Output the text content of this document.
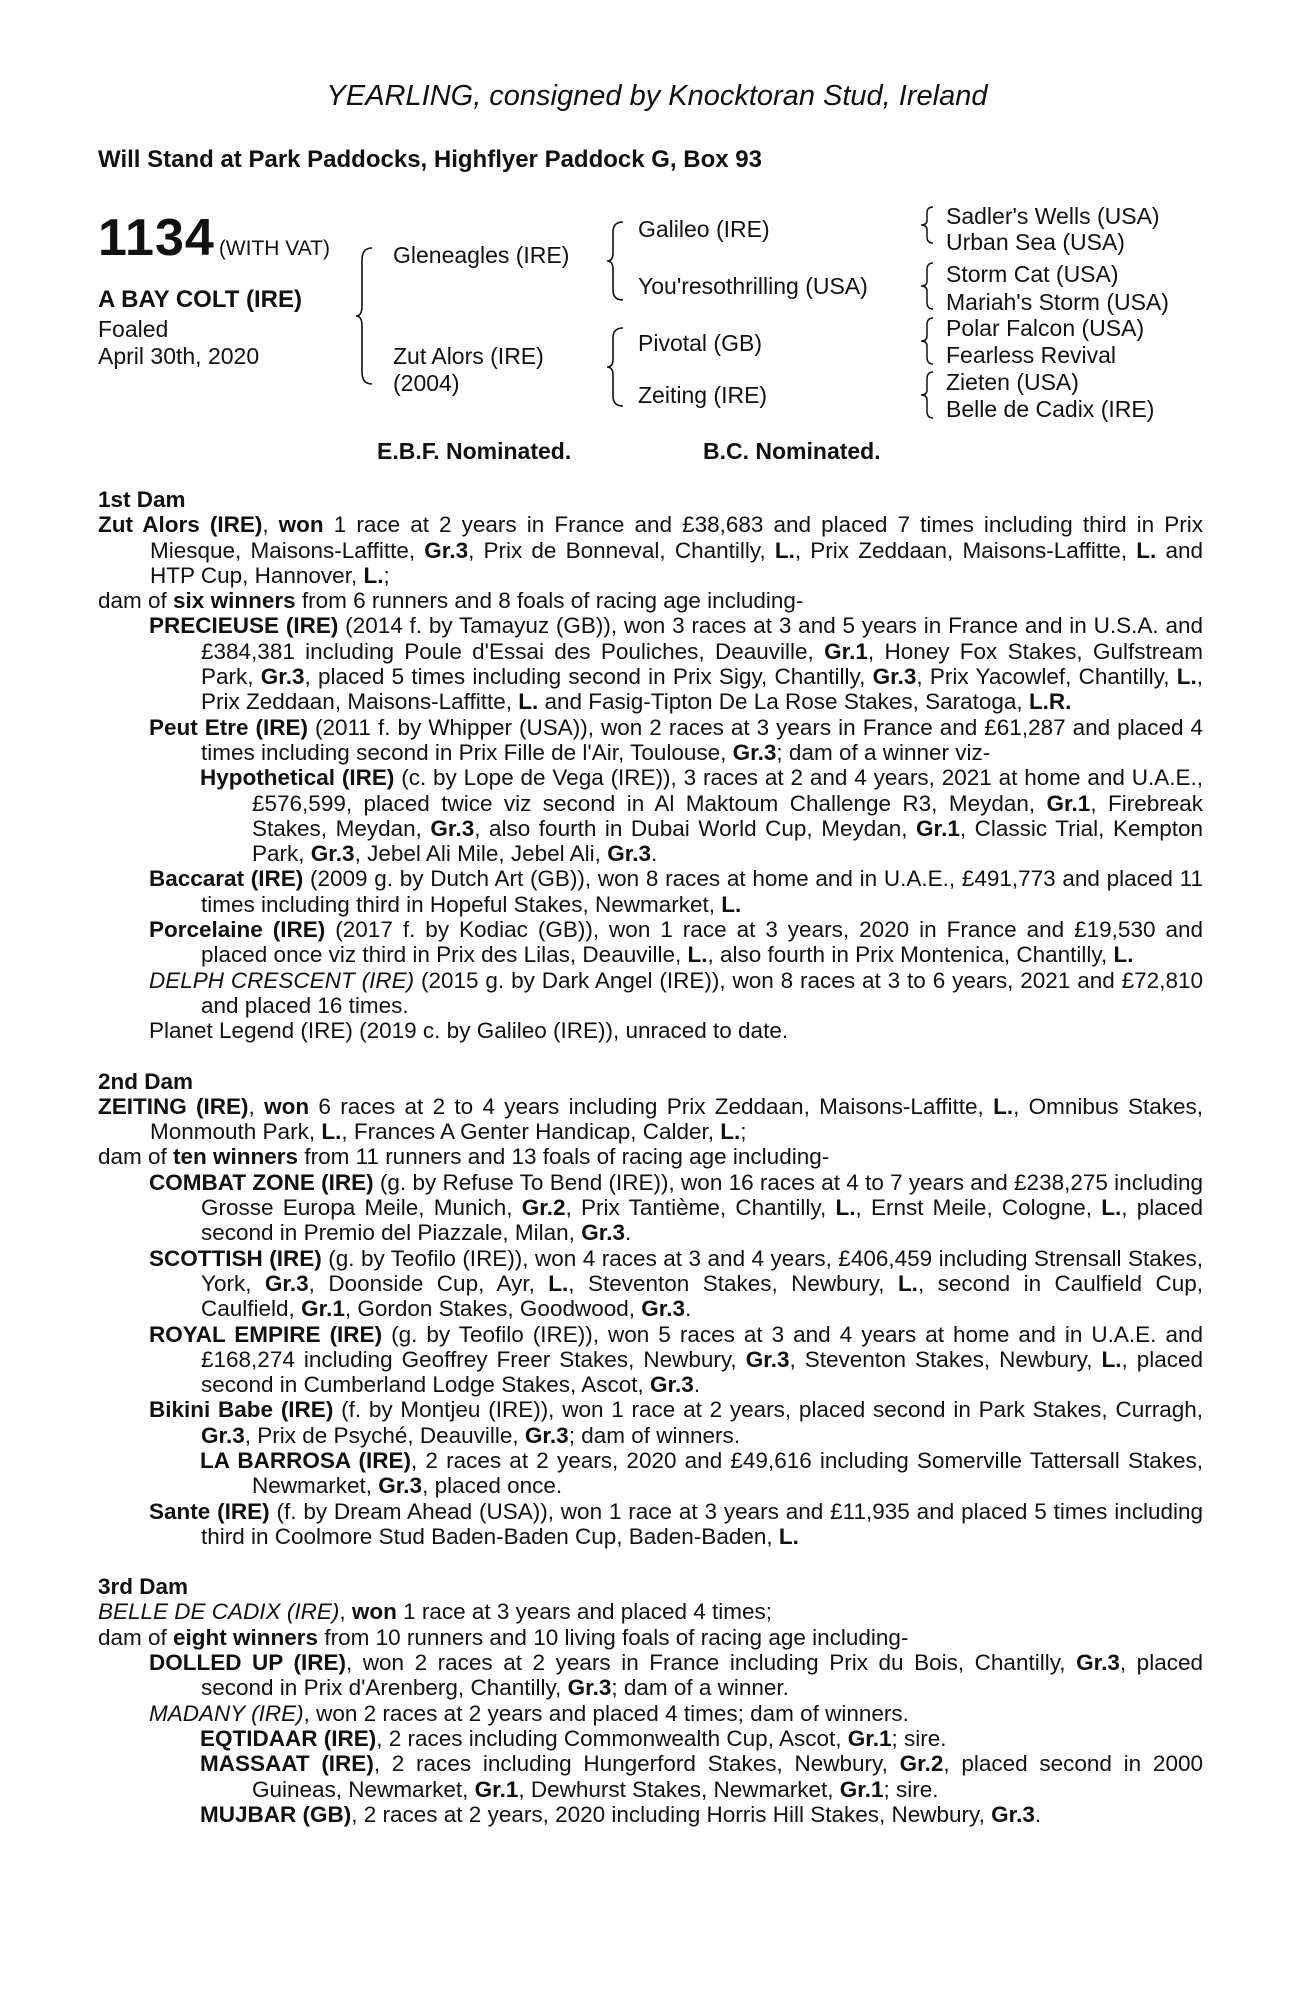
YEARLING, consigned by Knocktoran Stud, Ireland
Will Stand at Park Paddocks, Highflyer Paddock G, Box 93
1134 (WITH VAT)
A BAY COLT (IRE)
Foaled
April 30th, 2020
Gleneagles (IRE)
Zut Alors (IRE)
(2004)
Galileo (IRE)
You'resothrilling (USA)
Pivotal (GB)
Zeiting (IRE)
Sadler's Wells (USA)
Urban Sea (USA)
Storm Cat (USA)
Mariah's Storm (USA)
Polar Falcon (USA)
Fearless Revival
Zieten (USA)
Belle de Cadix (IRE)
E.B.F. Nominated.	B.C. Nominated.

1st Dam

Zut Alors (IRE), won 1 race at 2 years in France and £38,683 and placed 7 times including third in Prix Miesque, Maisons-Laffitte, Gr.3, Prix de Bonneval, Chantilly, L., Prix Zeddaan, Maisons-Laffitte, L. and HTP Cup, Hannover, L.;

dam of six winners from 6 runners and 8 foals of racing age including-

PRECIEUSE (IRE) (2014 f. by Tamayuz (GB)), won 3 races at 3 and 5 years in France and in U.S.A. and £384,381 including Poule d'Essai des Pouliches, Deauville, Gr.1, Honey Fox Stakes, Gulfstream Park, Gr.3, placed 5 times including second in Prix Sigy, Chantilly, Gr.3, Prix Yacowlef, Chantilly, L., Prix Zeddaan, Maisons-Laffitte, L. and Fasig-Tipton De La Rose Stakes, Saratoga, L.R.

Peut Etre (IRE) (2011 f. by Whipper (USA)), won 2 races at 3 years in France and £61,287 and placed 4 times including second in Prix Fille de l'Air, Toulouse, Gr.3; dam of a winner viz-

Hypothetical (IRE) (c. by Lope de Vega (IRE)), 3 races at 2 and 4 years, 2021 at home and U.A.E., £576,599, placed twice viz second in Al Maktoum Challenge R3, Meydan, Gr.1, Firebreak Stakes, Meydan, Gr.3, also fourth in Dubai World Cup, Meydan, Gr.1, Classic Trial, Kempton Park, Gr.3, Jebel Ali Mile, Jebel Ali, Gr.3.

Baccarat (IRE) (2009 g. by Dutch Art (GB)), won 8 races at home and in U.A.E., £491,773 and placed 11 times including third in Hopeful Stakes, Newmarket, L.

Porcelaine (IRE) (2017 f. by Kodiac (GB)), won 1 race at 3 years, 2020 in France and £19,530 and placed once viz third in Prix des Lilas, Deauville, L., also fourth in Prix Montenica, Chantilly, L.

DELPH CRESCENT (IRE) (2015 g. by Dark Angel (IRE)), won 8 races at 3 to 6 years, 2021 and £72,810 and placed 16 times.

Planet Legend (IRE) (2019 c. by Galileo (IRE)), unraced to date.

2nd Dam

ZEITING (IRE), won 6 races at 2 to 4 years including Prix Zeddaan, Maisons-Laffitte, L., Omnibus Stakes, Monmouth Park, L., Frances A Genter Handicap, Calder, L.;

dam of ten winners from 11 runners and 13 foals of racing age including-

COMBAT ZONE (IRE) (g. by Refuse To Bend (IRE)), won 16 races at 4 to 7 years and £238,275 including Grosse Europa Meile, Munich, Gr.2, Prix Tantième, Chantilly, L., Ernst Meile, Cologne, L., placed second in Premio del Piazzale, Milan, Gr.3.

SCOTTISH (IRE) (g. by Teofilo (IRE)), won 4 races at 3 and 4 years, £406,459 including Strensall Stakes, York, Gr.3, Doonside Cup, Ayr, L., Steventon Stakes, Newbury, L., second in Caulfield Cup, Caulfield, Gr.1, Gordon Stakes, Goodwood, Gr.3.

ROYAL EMPIRE (IRE) (g. by Teofilo (IRE)), won 5 races at 3 and 4 years at home and in U.A.E. and £168,274 including Geoffrey Freer Stakes, Newbury, Gr.3, Steventon Stakes, Newbury, L., placed second in Cumberland Lodge Stakes, Ascot, Gr.3.

Bikini Babe (IRE) (f. by Montjeu (IRE)), won 1 race at 2 years, placed second in Park Stakes, Curragh, Gr.3, Prix de Psyché, Deauville, Gr.3; dam of winners.

LA BARROSA (IRE), 2 races at 2 years, 2020 and £49,616 including Somerville Tattersall Stakes, Newmarket, Gr.3, placed once.

Sante (IRE) (f. by Dream Ahead (USA)), won 1 race at 3 years and £11,935 and placed 5 times including third in Coolmore Stud Baden-Baden Cup, Baden-Baden, L.

3rd Dam

BELLE DE CADIX (IRE), won 1 race at 3 years and placed 4 times;

dam of eight winners from 10 runners and 10 living foals of racing age including-

DOLLED UP (IRE), won 2 races at 2 years in France including Prix du Bois, Chantilly, Gr.3, placed second in Prix d'Arenberg, Chantilly, Gr.3; dam of a winner.

MADANY (IRE), won 2 races at 2 years and placed 4 times; dam of winners.

EQTIDAAR (IRE), 2 races including Commonwealth Cup, Ascot, Gr.1; sire.

MASSAAT (IRE), 2 races including Hungerford Stakes, Newbury, Gr.2, placed second in 2000 Guineas, Newmarket, Gr.1, Dewhurst Stakes, Newmarket, Gr.1; sire.

MUJBAR (GB), 2 races at 2 years, 2020 including Horris Hill Stakes, Newbury, Gr.3.
